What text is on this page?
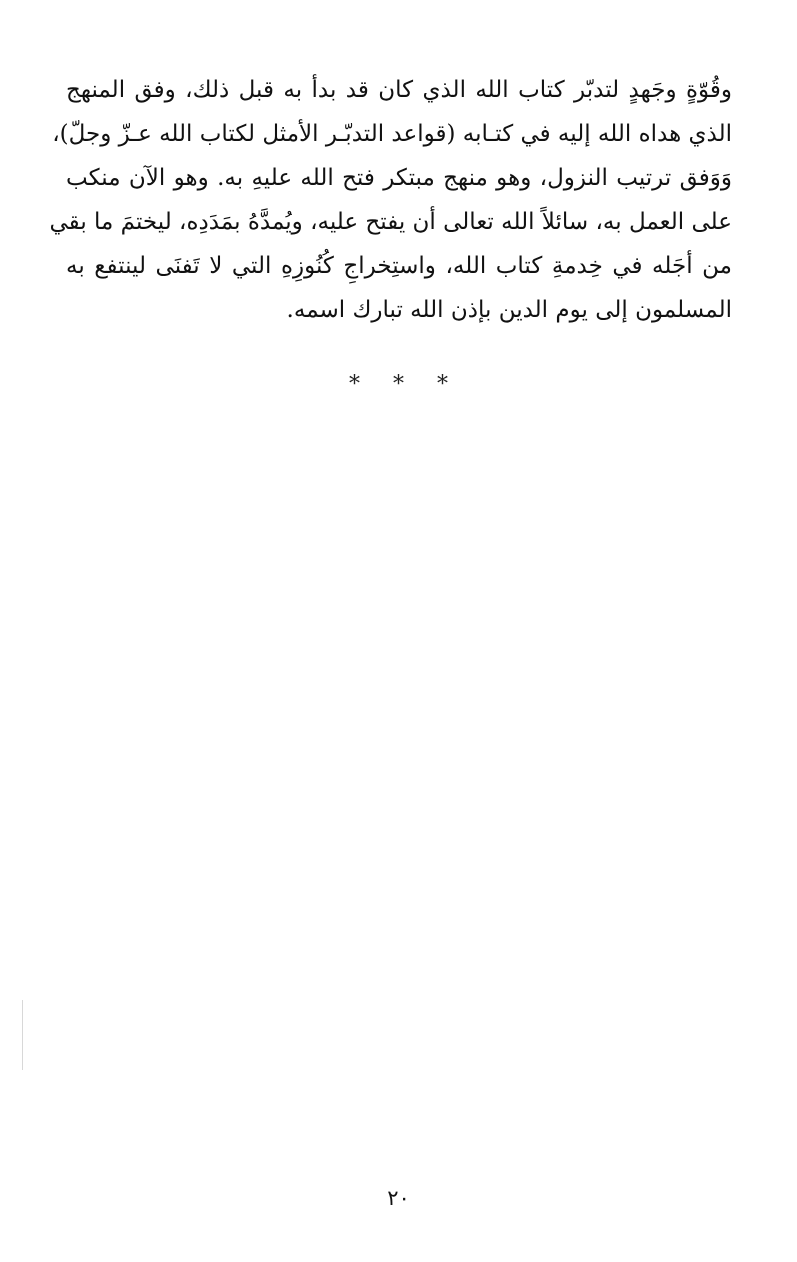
وقُوّةٍ وجَهدٍ لتدبّر كتاب الله الذي كان قد بدأ به قبل ذلك، وفق المنهج
الذي هداه الله إليه في كتـابه (قواعد التدبّـر الأمثل لكتاب الله عـزّ وجلّ)،
وَوَفق ترتيب النزول، وهو منهج مبتكر فتح الله عليهِ به. وهو الآن منكب
على العمل به، سائلاً الله تعالى أن يفتح عليه، ويُمدَّهُ بمَدَدِه، ليختمَ ما بقي
من أجَله في خِدمةِ كتاب الله، واستِخراجِ كُنُوزِهِ التي لا تَفنَى لينتفع به
المسلمون إلى يوم الدين بإذن الله تبارك اسمه.
* * *
٢٠
